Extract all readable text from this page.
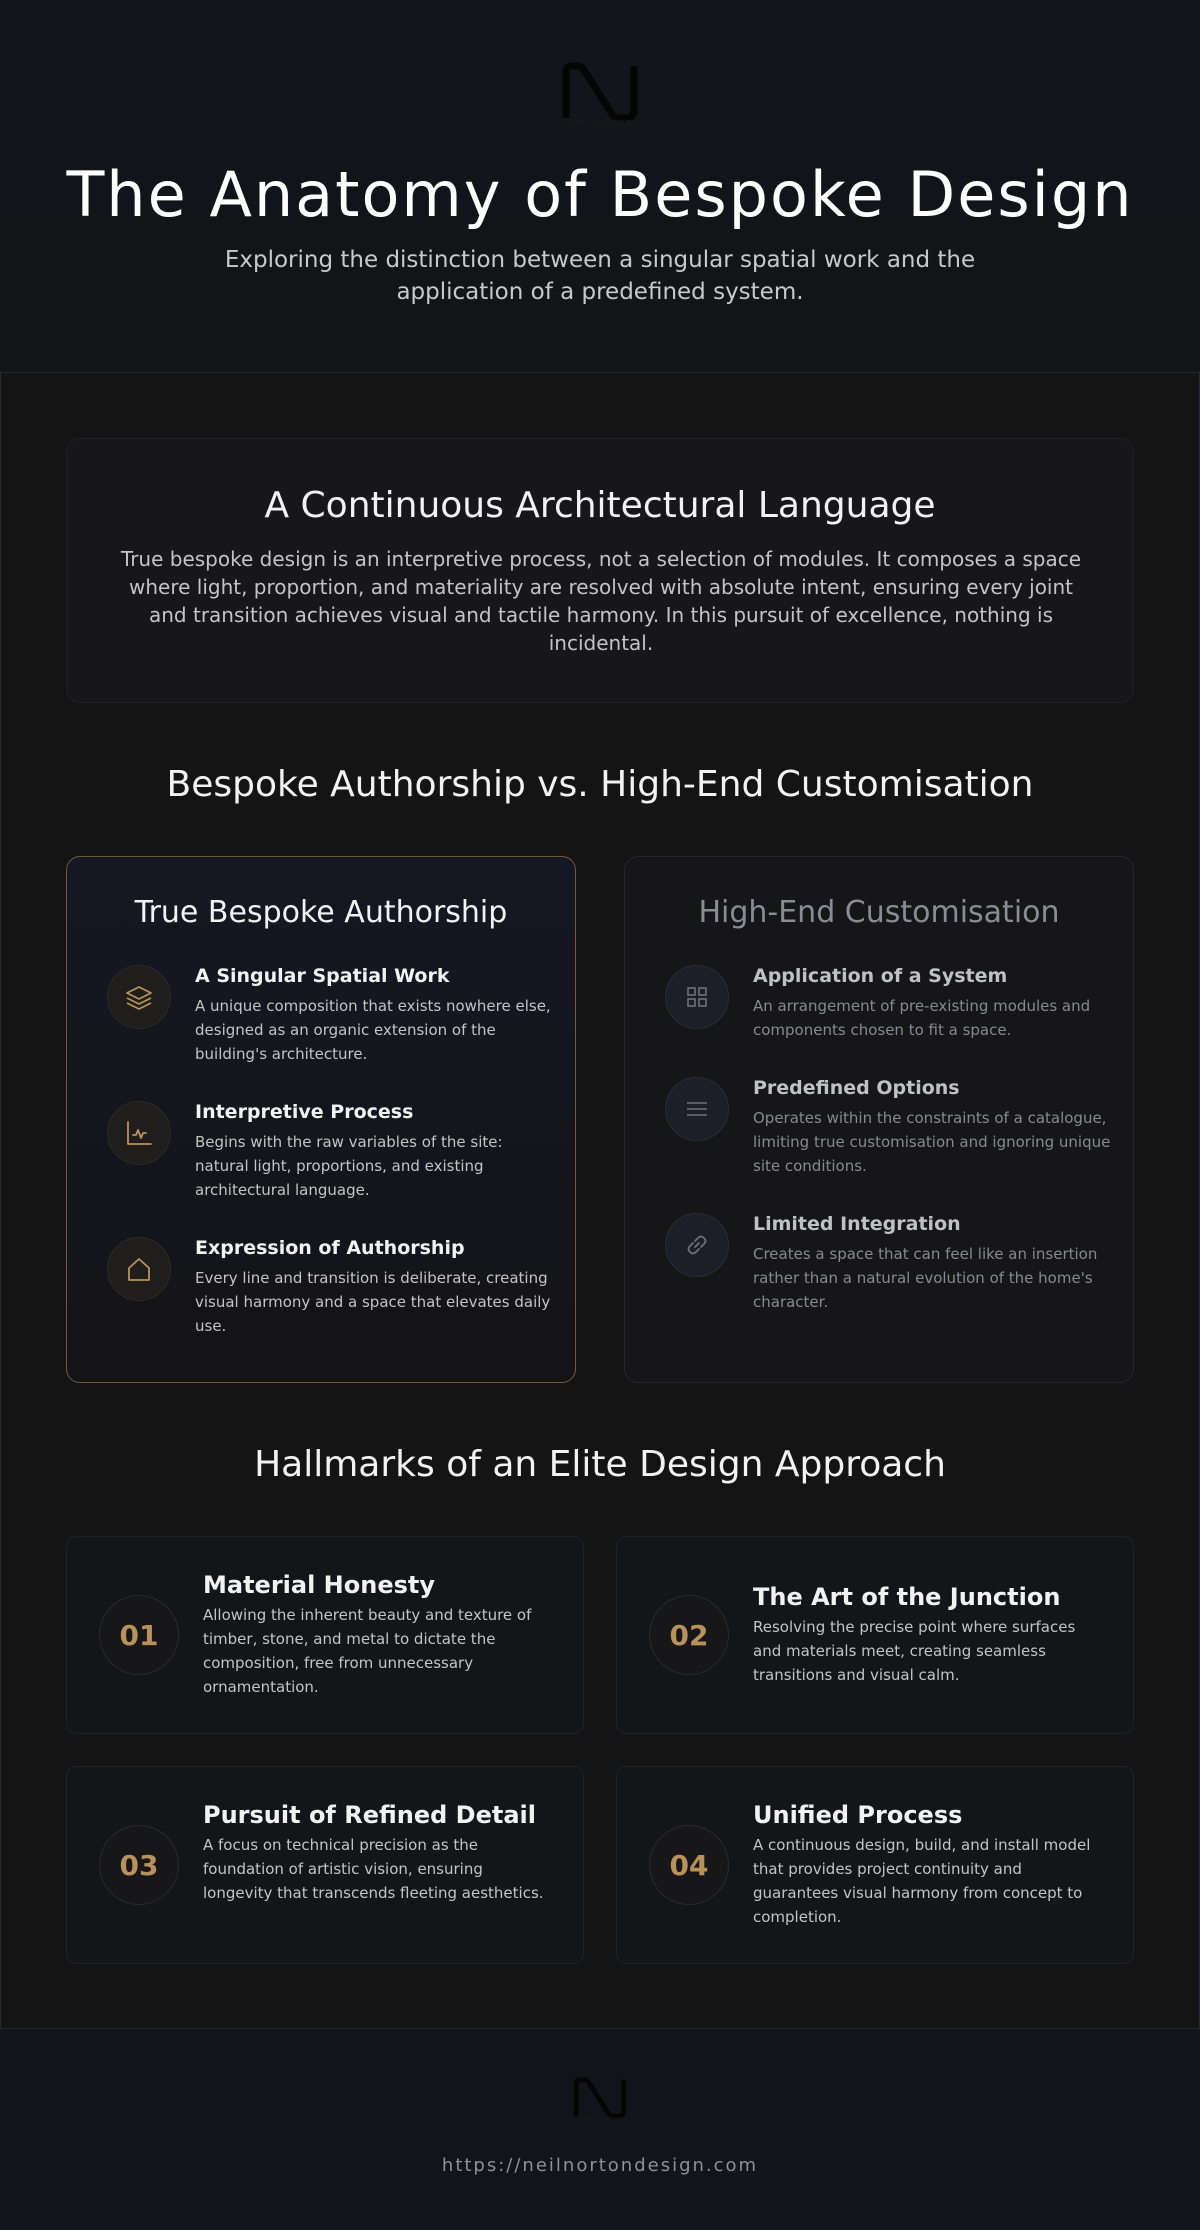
neil norton
The Anatomy of Bespoke Design

Exploring the distinction between a singular spatial work and the application of a predefined system.

A Continuous Architectural Language

True bespoke design is an interpretive process, not a selection of modules. It composes a space where light, proportion, and materiality are resolved with absolute intent, ensuring every joint and transition achieves visual and tactile harmony. In this pursuit of excellence, nothing is incidental.

Bespoke Authorship vs. High-End Customisation
True Bespoke Authorship
A Singular Spatial Work
A unique composition that exists nowhere else, designed as an organic extension of the building's architecture.
Interpretive Process
Begins with the raw variables of the site: natural light, proportions, and existing architectural language.
Expression of Authorship
Every line and transition is deliberate, creating visual harmony and a space that elevates daily use.
High-End Customisation
Application of a System
An arrangement of pre-existing modules and components chosen to fit a space.
Predefined Options
Operates within the constraints of a catalogue, limiting true customisation and ignoring unique site conditions.
Limited Integration
Creates a space that can feel like an insertion rather than a natural evolution of the home's character.
Hallmarks of an Elite Design Approach
01
Material Honesty
Allowing the inherent beauty and texture of timber, stone, and metal to dictate the composition, free from unnecessary ornamentation.
02
The Art of the Junction
Resolving the precise point where surfaces and materials meet, creating seamless transitions and visual calm.
03
Pursuit of Refined Detail
A focus on technical precision as the foundation of artistic vision, ensuring longevity that transcends fleeting aesthetics.
04
Unified Process
A continuous design, build, and install model that provides project continuity and guarantees visual harmony from concept to completion.
neil norton
https://neilnortondesign.com
